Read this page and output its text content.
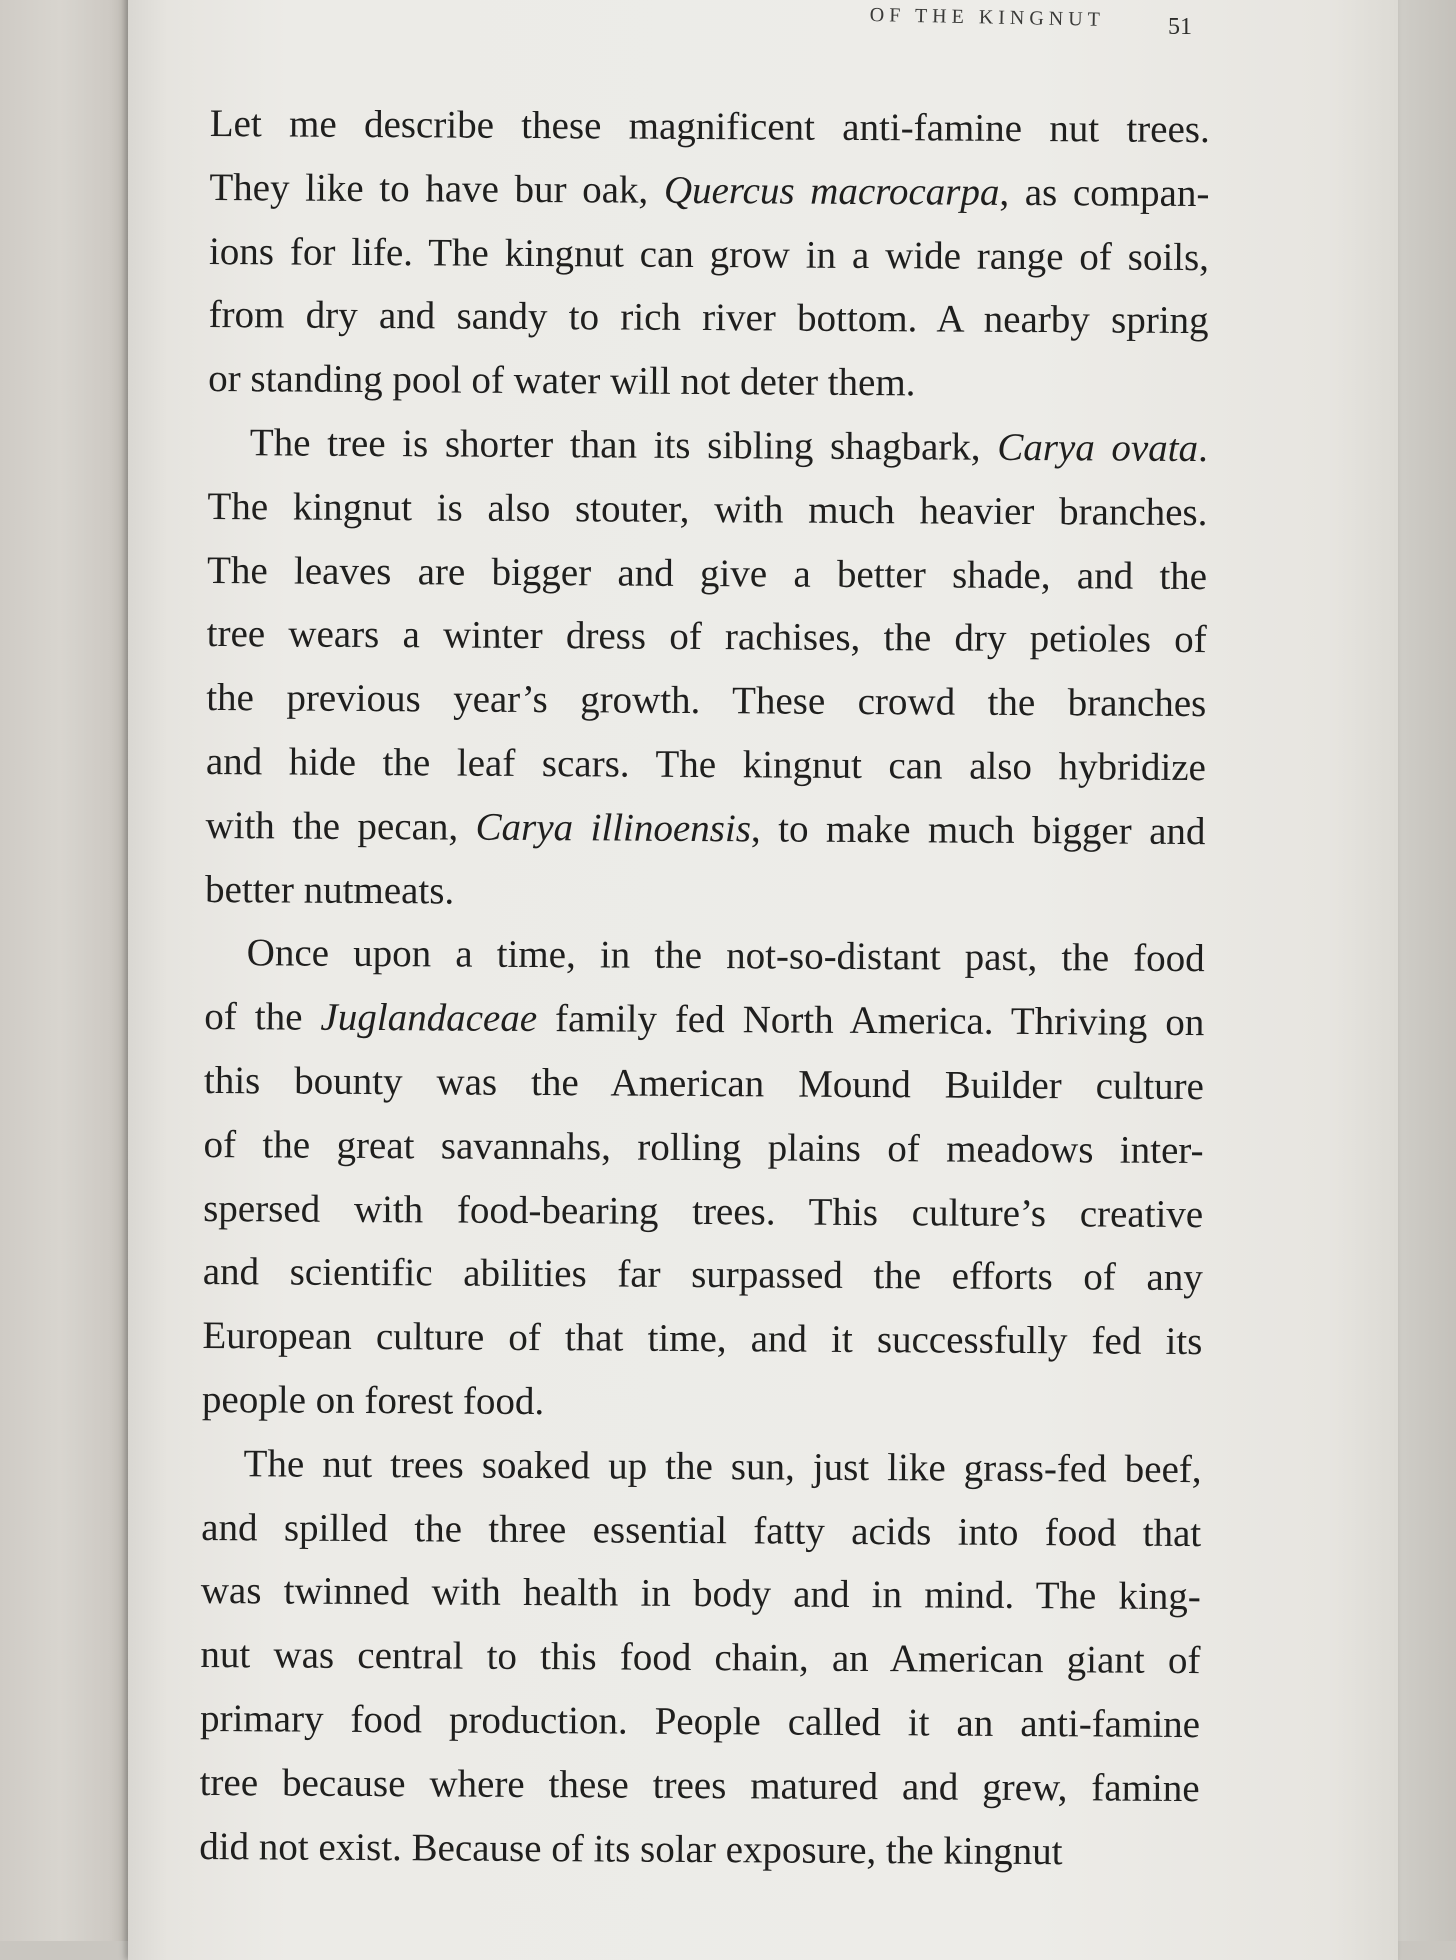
OF THE KINGNUT	51
Let me describe these magnificent anti-famine nut trees.
They like to have bur oak, Quercus macrocarpa, as compan-
ions for life. The kingnut can grow in a wide range of soils,
from dry and sandy to rich river bottom. A nearby spring
or standing pool of water will not deter them.
The tree is shorter than its sibling shagbark, Carya ovata.
The kingnut is also stouter, with much heavier branches.
The leaves are bigger and give a better shade, and the
tree wears a winter dress of rachises, the dry petioles of
the previous year’s growth. These crowd the branches
and hide the leaf scars. The kingnut can also hybridize
with the pecan, Carya illinoensis, to make much bigger and
better nutmeats.
Once upon a time, in the not-so-distant past, the food
of the Juglandaceae family fed North America. Thriving on
this bounty was the American Mound Builder culture
of the great savannahs, rolling plains of meadows inter-
spersed with food-bearing trees. This culture’s creative
and scientific abilities far surpassed the efforts of any
European culture of that time, and it successfully fed its
people on forest food.
The nut trees soaked up the sun, just like grass-fed beef,
and spilled the three essential fatty acids into food that
was twinned with health in body and in mind. The king-
nut was central to this food chain, an American giant of
primary food production. People called it an anti-famine
tree because where these trees matured and grew, famine
did not exist. Because of its solar exposure, the kingnut
